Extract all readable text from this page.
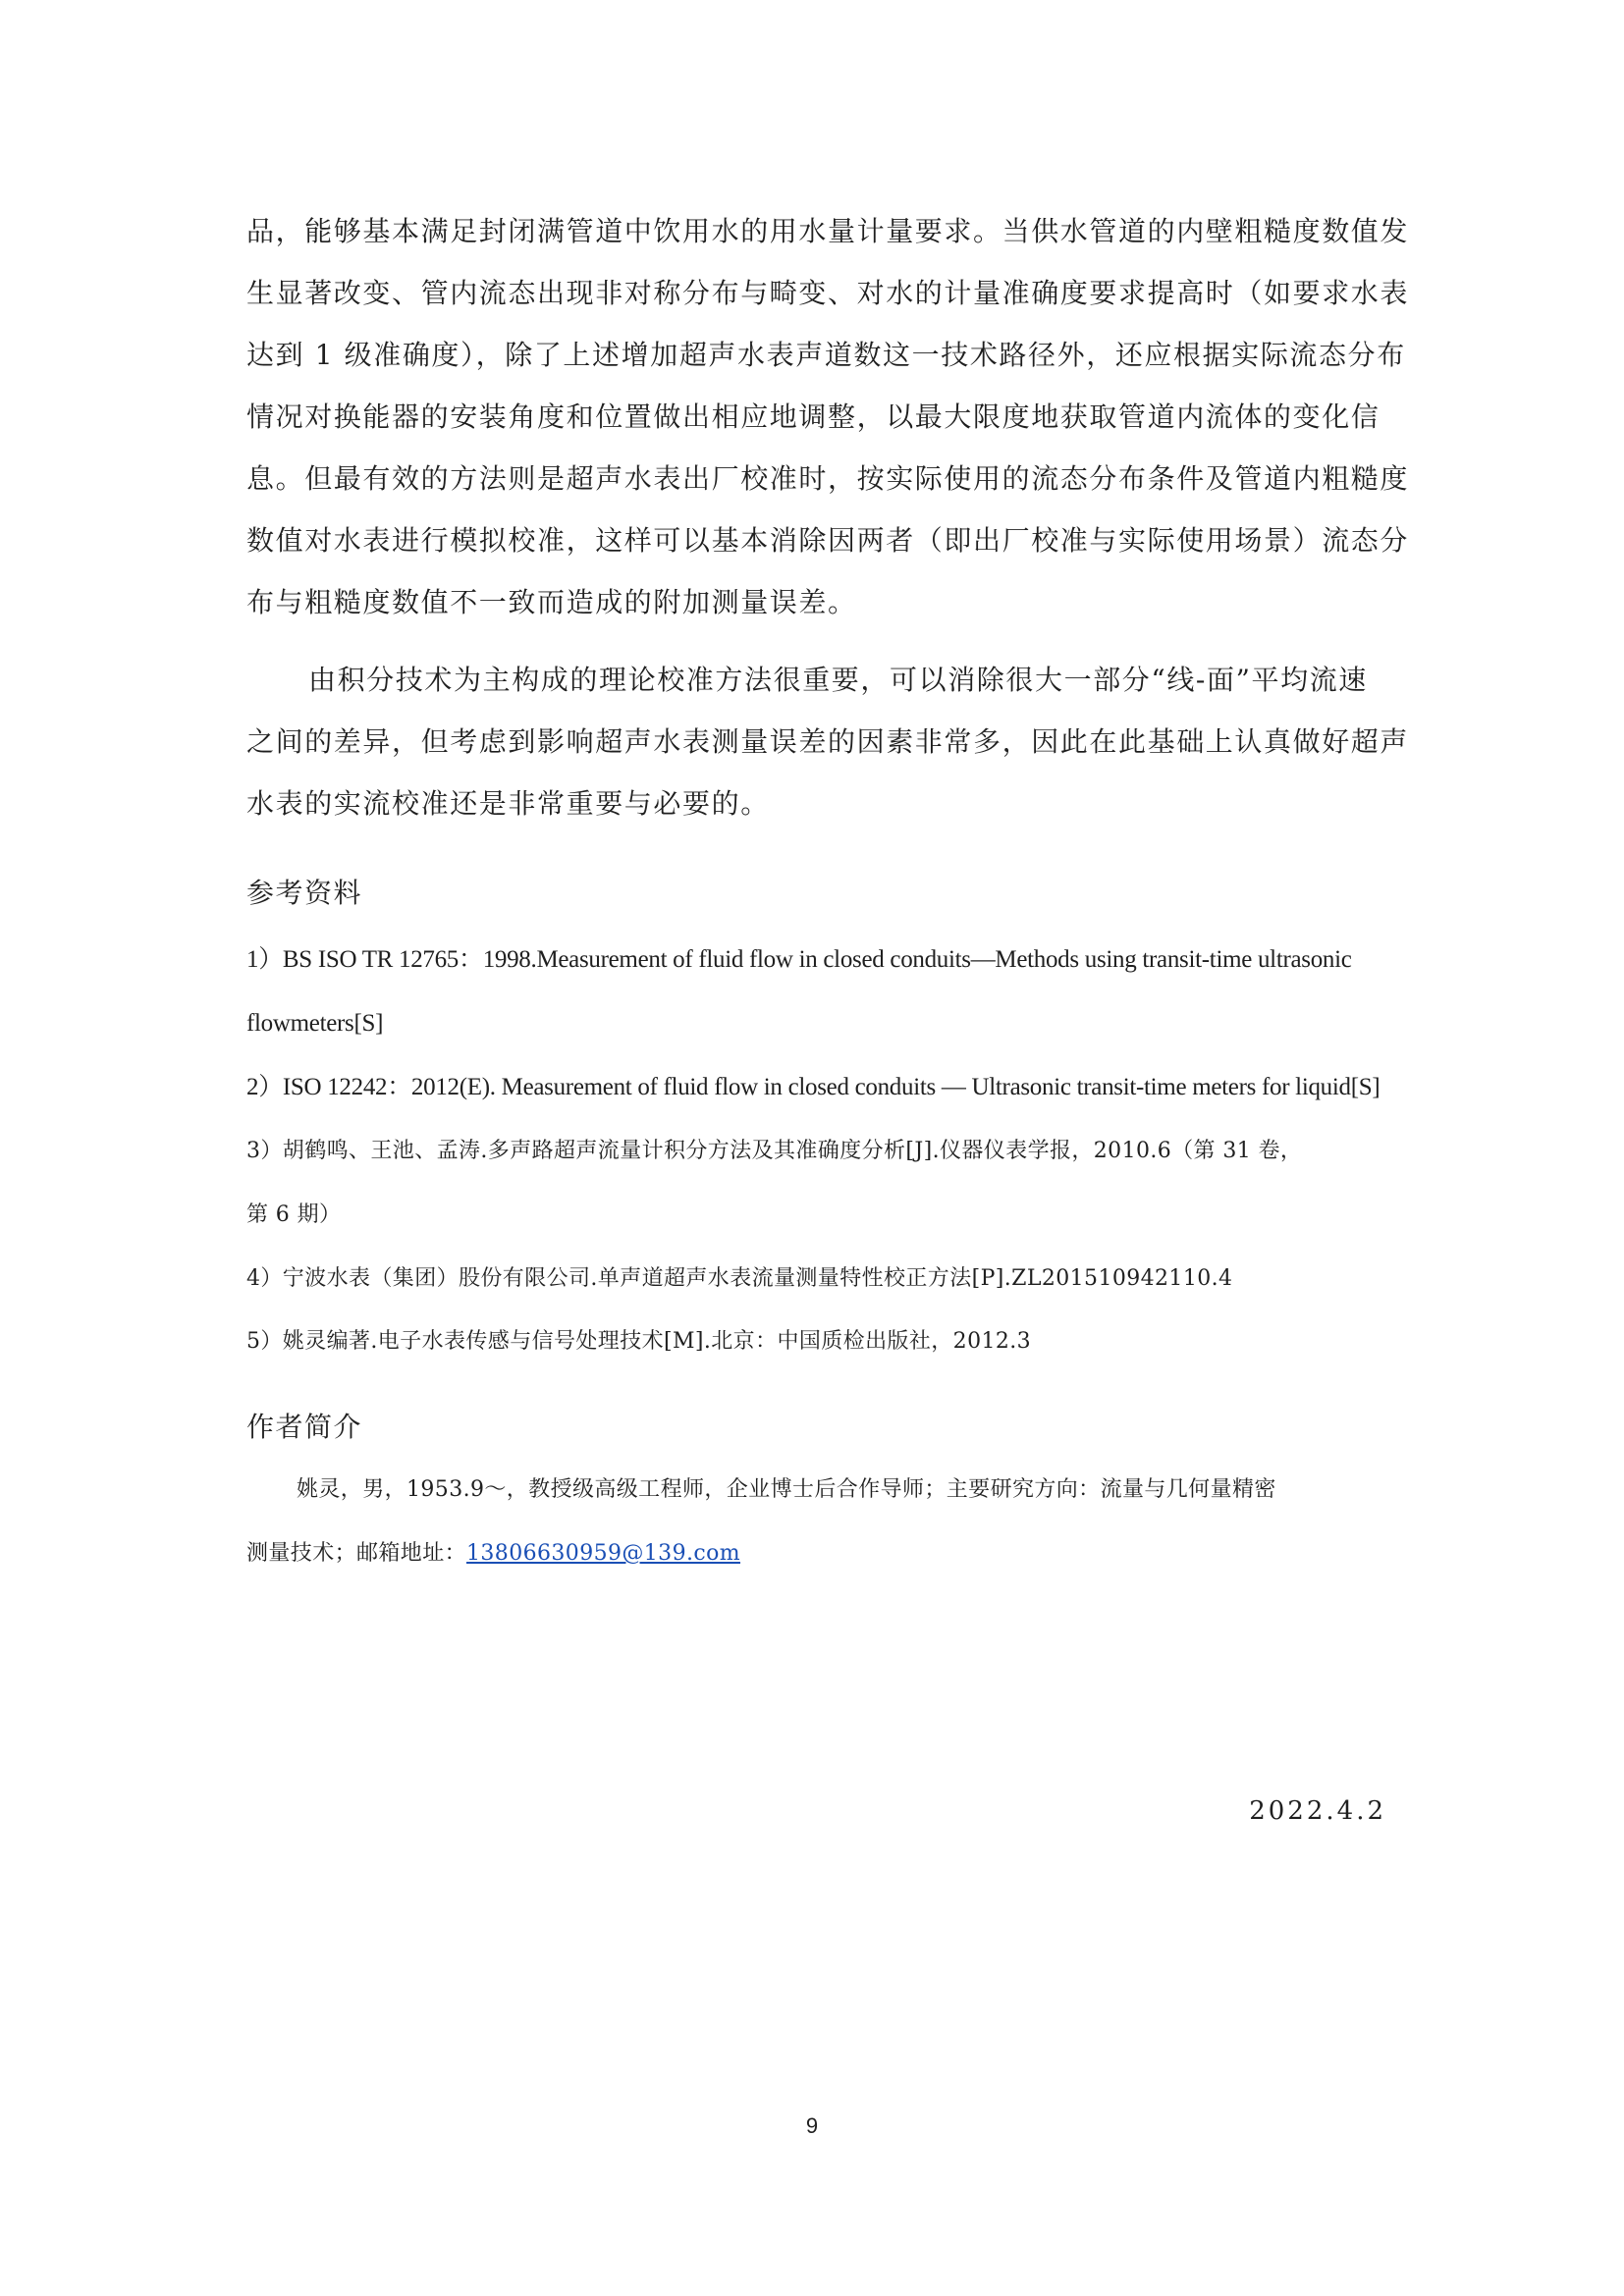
品，能够基本满足封闭满管道中饮用水的用水量计量要求。当供水管道的内壁粗糙度数值发
生显著改变、管内流态出现非对称分布与畸变、对水的计量准确度要求提高时（如要求水表
达到 1 级准确度），除了上述增加超声水表声道数这一技术路径外，还应根据实际流态分布
情况对换能器的安装角度和位置做出相应地调整，以最大限度地获取管道内流体的变化信
息。但最有效的方法则是超声水表出厂校准时，按实际使用的流态分布条件及管道内粗糙度
数值对水表进行模拟校准，这样可以基本消除因两者（即出厂校准与实际使用场景）流态分
布与粗糙度数值不一致而造成的附加测量误差。
由积分技术为主构成的理论校准方法很重要，可以消除很大一部分“线-面”平均流速
之间的差异，但考虑到影响超声水表测量误差的因素非常多，因此在此基础上认真做好超声
水表的实流校准还是非常重要与必要的。
参考资料
1）BS ISO TR 12765：1998.Measurement of fluid flow in closed conduits—Methods using transit-time ultrasonic
flowmeters[S]
2）ISO 12242：2012(E). Measurement of fluid flow in closed conduits — Ultrasonic transit-time meters for liquid[S]
3）胡鹤鸣、王池、孟涛.多声路超声流量计积分方法及其准确度分析[J].仪器仪表学报，2010.6（第 31 卷，
第 6 期）
4）宁波水表（集团）股份有限公司.单声道超声水表流量测量特性校正方法[P].ZL201510942110.4
5）姚灵编著.电子水表传感与信号处理技术[M].北京：中国质检出版社，2012.3
作者简介
姚灵，男，1953.9～，教授级高级工程师，企业博士后合作导师；主要研究方向：流量与几何量精密
测量技术；邮箱地址：13806630959@139.com
2022.4.2
9
